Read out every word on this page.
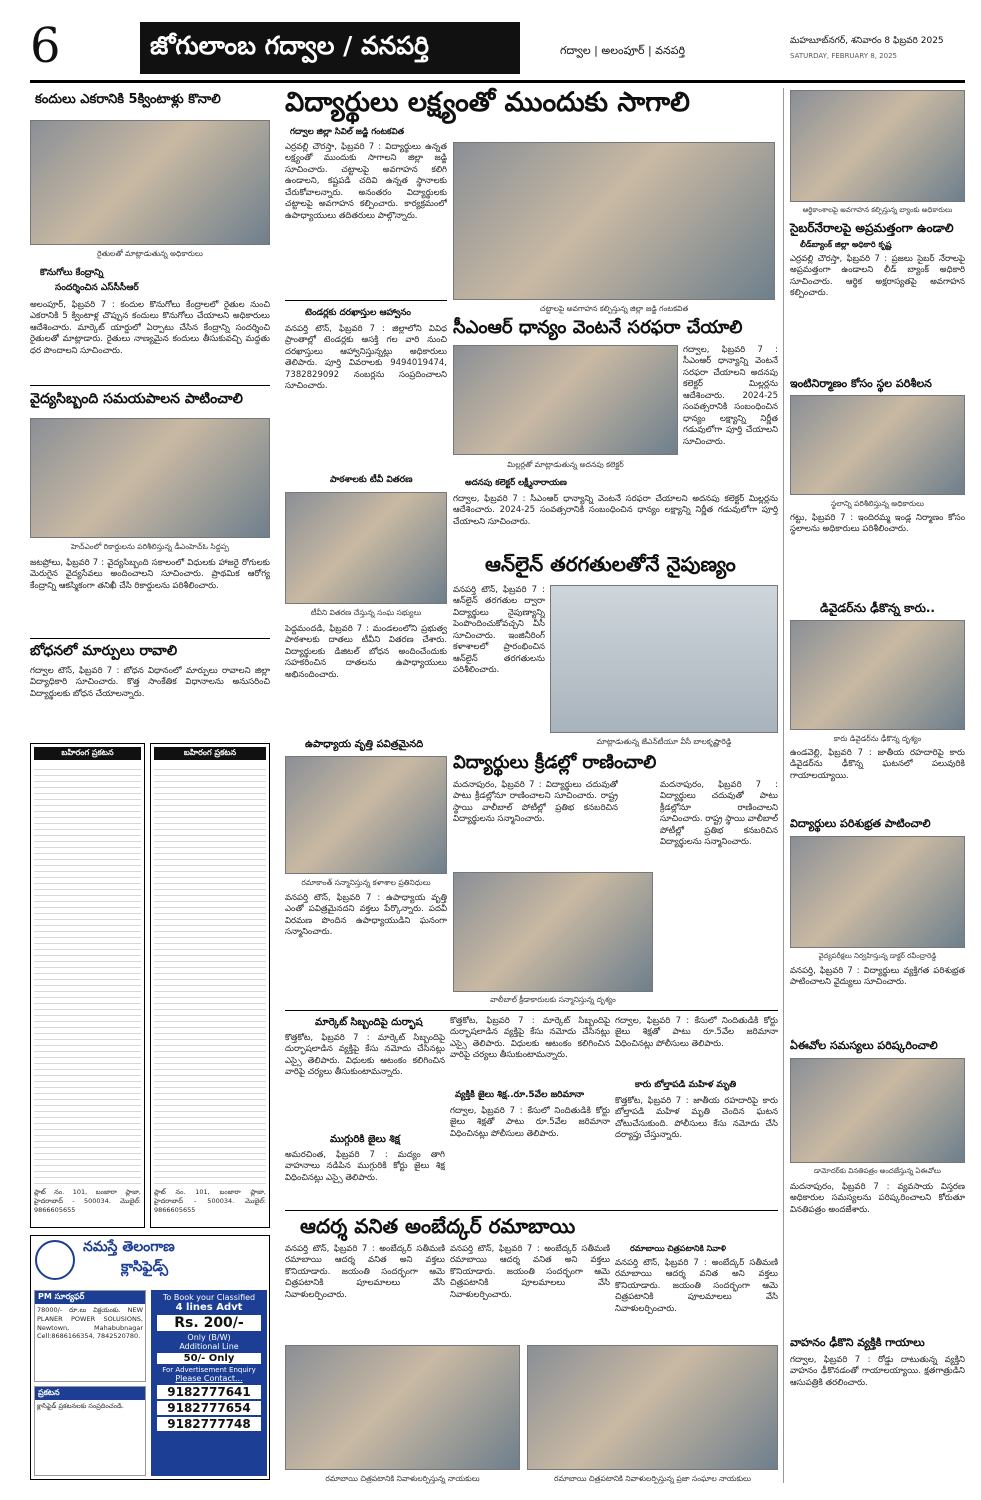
6	జోగులాంబ గద్వాల / వనపర్తి	గద్వాల | అలంపూర్ | వనపర్తి
మహబూబ్‌నగర్, శనివారం 8 ఫిబ్రవరి 2025
SATURDAY, FEBRUARY 8, 2025
కందులు ఎకరానికి 5క్వింటాళ్లు కొనాలి
రైతులతో మాట్లాడుతున్న అధికారులు
కొనుగోలు కేంద్రాన్ని
సందర్శించిన ఎస్‌సీసీఆర్
అలంపూర్, ఫిబ్రవరి 7 : కందుల కొనుగోలు కేంద్రాలలో రైతుల నుంచి ఎకరానికి 5 క్వింటాళ్ల చొప్పున కందులు కొనుగోలు చేయాలని అధికారులు ఆదేశించారు. మార్కెట్ యార్డులో ఏర్పాటు చేసిన కేంద్రాన్ని సందర్శించి రైతులతో మాట్లాడారు. రైతులు నాణ్యమైన కందులు తీసుకువచ్చి మద్దతు ధర పొందాలని సూచించారు.
వైద్యసిబ్బంది సమయపాలన పాటించాలి
హెచ్‌ఎంలో రికార్డులను పరిశీలిస్తున్న డీఎంహెచ్‌ఓ సిద్దప్ప
జటప్రోలు, ఫిబ్రవరి 7 : వైద్యసిబ్బంది సకాలంలో విధులకు హాజరై రోగులకు మెరుగైన వైద్యసేవలు అందించాలని సూచించారు. ప్రాథమిక ఆరోగ్య కేంద్రాన్ని ఆకస్మికంగా తనిఖీ చేసి రికార్డులను పరిశీలించారు.
బోధనలో మార్పులు రావాలి
గద్వాల టౌన్, ఫిబ్రవరి 7 : బోధన విధానంలో మార్పులు రావాలని జిల్లా విద్యాధికారి సూచించారు. కొత్త సాంకేతిక విధానాలను అనుసరించి విద్యార్థులకు బోధన చేయాలన్నారు.
బహిరంగ ప్రకటన
ప్లాట్ నం. 101, బంజారా ప్లాజా, హైదరాబాద్ - 500034. మొబైల్: 9866605655
బహిరంగ ప్రకటన
ప్లాట్ నం. 101, బంజారా ప్లాజా, హైదరాబాద్ - 500034. మొబైల్: 9866605655
నమస్తే తెలంగాణ
క్లాసిఫైడ్స్
PM సూర్యఫర్
78000/- రూ.లు విక్రయంకు. NEW PLANER POWER SOLUSIONS, Newtown, Mahabubnagar Cell:8686166354, 7842520780.
ప్రకటన
క్లాసిఫైడ్ ప్రకటనలకు సంప్రదించండి.
To Book your Classified
4 lines Advt
Rs. 200/-
Only (B/W)
Additional Line
50/- Only
For Advertisement Enquiry
Please Contact...
9182777641
9182777654
9182777748
విద్యార్థులు లక్ష్యంతో ముందుకు సాగాలి
గద్వాల జిల్లా సివిల్ జడ్జి గంటకవిత
ఎర్రవల్లి చౌరస్తా, ఫిబ్రవరి 7 : విద్యార్థులు ఉన్నత లక్ష్యంతో ముందుకు సాగాలని జిల్లా జడ్జి సూచించారు. చట్టాలపై అవగాహన కలిగి ఉండాలని, కష్టపడి చదివి ఉన్నత స్థానాలకు చేరుకోవాలన్నారు. అనంతరం విద్యార్థులకు చట్టాలపై అవగాహన కల్పించారు. కార్యక్రమంలో ఉపాధ్యాయులు తదితరులు పాల్గొన్నారు.
చట్టాలపై అవగాహన కల్పిస్తున్న జిల్లా జడ్జి గంటకవిత
టెండర్లకు దరఖాస్తుల ఆహ్వానం
వనపర్తి టౌన్, ఫిబ్రవరి 7 : జిల్లాలోని వివిధ ప్రాంతాల్లో టెండర్లకు ఆసక్తి గల వారి నుంచి దరఖాస్తులు ఆహ్వానిస్తున్నట్లు అధికారులు తెలిపారు. పూర్తి వివరాలకు 9494019474, 7382829092 నంబర్లను సంప్రదించాలని సూచించారు.
పాఠశాలకు టీవీ వితరణ
టీవీని వితరణ చేస్తున్న సంఘ సభ్యులు
సీఎంఆర్ ధాన్యం వెంటనే సరఫరా చేయాలి
మిల్లర్లతో మాట్లాడుతున్న అదనపు కలెక్టర్
గద్వాల, ఫిబ్రవరి 7 : సీఎంఆర్ ధాన్యాన్ని వెంటనే సరఫరా చేయాలని అదనపు కలెక్టర్ మిల్లర్లను ఆదేశించారు. 2024-25 సంవత్సరానికి సంబంధించిన ధాన్యం లక్ష్యాన్ని నిర్ణీత గడువులోగా పూర్తి చేయాలని సూచించారు.
అదనపు కలెక్టర్ లక్ష్మీనారాయణ
గద్వాల, ఫిబ్రవరి 7 : సీఎంఆర్ ధాన్యాన్ని వెంటనే సరఫరా చేయాలని అదనపు కలెక్టర్ మిల్లర్లను ఆదేశించారు. 2024-25 సంవత్సరానికి సంబంధించిన ధాన్యం లక్ష్యాన్ని నిర్ణీత గడువులోగా పూర్తి చేయాలని సూచించారు.
ఆన్‌లైన్ తరగతులతోనే నైపుణ్యం
వనపర్తి టౌన్, ఫిబ్రవరి 7 : ఆన్‌లైన్ తరగతుల ద్వారా విద్యార్థులు నైపుణ్యాన్ని పెంపొందించుకోవచ్చని వీసీ సూచించారు. ఇంజినీరింగ్ కళాశాలలో ప్రారంభించిన ఆన్‌లైన్ తరగతులను పరిశీలించారు.
మాట్లాడుతున్న జేఎన్‌టీయూ వీసీ బాలకృష్ణారెడ్డి
పెద్దమందడి, ఫిబ్రవరి 7 : మండలంలోని ప్రభుత్వ పాఠశాలకు దాతలు టీవీని వితరణ చేశారు. విద్యార్థులకు డిజిటల్ బోధన అందించేందుకు సహకరించిన దాతలను ఉపాధ్యాయులు అభినందించారు.
ఉపాధ్యాయ వృత్తి పవిత్రమైనది
రమాకాంత్ సన్మానిస్తున్న కళాశాల ప్రతినిధులు
వనపర్తి టౌన్, ఫిబ్రవరి 7 : ఉపాధ్యాయ వృత్తి ఎంతో పవిత్రమైనదని వక్తలు పేర్కొన్నారు. పదవీ విరమణ పొందిన ఉపాధ్యాయుడిని ఘనంగా సన్మానించారు.
విద్యార్థులు క్రీడల్లో రాణించాలి
మదనాపురం, ఫిబ్రవరి 7 : విద్యార్థులు చదువుతో పాటు క్రీడల్లోనూ రాణించాలని సూచించారు. రాష్ట్ర స్థాయి వాలీబాల్ పోటీల్లో ప్రతిభ కనబరిచిన విద్యార్థులను సన్మానించారు.
వాలీబాల్ క్రీడాకారులకు సన్మానిస్తున్న దృశ్యం
మదనాపురం, ఫిబ్రవరి 7 : విద్యార్థులు చదువుతో పాటు క్రీడల్లోనూ రాణించాలని సూచించారు. రాష్ట్ర స్థాయి వాలీబాల్ పోటీల్లో ప్రతిభ కనబరిచిన విద్యార్థులను సన్మానించారు.
మార్కెట్ సిబ్బందిపై దుర్భాష
కొత్తకోట, ఫిబ్రవరి 7 : మార్కెట్ సిబ్బందిపై దుర్భాషలాడిన వ్యక్తిపై కేసు నమోదు చేసినట్లు ఎస్సై తెలిపారు. విధులకు ఆటంకం కలిగించిన వారిపై చర్యలు తీసుకుంటామన్నారు.
ముగ్గురికి జైలు శిక్ష
అమరచింత, ఫిబ్రవరి 7 : మద్యం తాగి వాహనాలు నడిపిన ముగ్గురికి కోర్టు జైలు శిక్ష విధించినట్లు ఎస్సై తెలిపారు.
కొత్తకోట, ఫిబ్రవరి 7 : మార్కెట్ సిబ్బందిపై దుర్భాషలాడిన వ్యక్తిపై కేసు నమోదు చేసినట్లు ఎస్సై తెలిపారు. విధులకు ఆటంకం కలిగించిన వారిపై చర్యలు తీసుకుంటామన్నారు.
వ్యక్తికి జైలు శిక్ష..రూ.5వేల జరిమానా
గద్వాల, ఫిబ్రవరి 7 : కేసులో నిందితుడికి కోర్టు జైలు శిక్షతో పాటు రూ.5వేల జరిమానా విధించినట్లు పోలీసులు తెలిపారు.
గద్వాల, ఫిబ్రవరి 7 : కేసులో నిందితుడికి కోర్టు జైలు శిక్షతో పాటు రూ.5వేల జరిమానా విధించినట్లు పోలీసులు తెలిపారు.
కారు బోల్తాపడి మహిళ మృతి
కొత్తకోట, ఫిబ్రవరి 7 : జాతీయ రహదారిపై కారు బోల్తాపడి మహిళ మృతి చెందిన ఘటన చోటుచేసుకుంది. పోలీసులు కేసు నమోదు చేసి దర్యాప్తు చేస్తున్నారు.
ఆదర్శ వనిత అంబేద్కర్ రమాబాయి
వనపర్తి టౌన్, ఫిబ్రవరి 7 : అంబేద్కర్ సతీమణి రమాబాయి ఆదర్శ వనిత అని వక్తలు కొనియాడారు. జయంతి సందర్భంగా ఆమె చిత్రపటానికి పూలమాలలు వేసి నివాళులర్పించారు.
వనపర్తి టౌన్, ఫిబ్రవరి 7 : అంబేద్కర్ సతీమణి రమాబాయి ఆదర్శ వనిత అని వక్తలు కొనియాడారు. జయంతి సందర్భంగా ఆమె చిత్రపటానికి పూలమాలలు వేసి నివాళులర్పించారు.
రమాబాయి చిత్రపటానికి నివాళి
వనపర్తి టౌన్, ఫిబ్రవరి 7 : అంబేద్కర్ సతీమణి రమాబాయి ఆదర్శ వనిత అని వక్తలు కొనియాడారు. జయంతి సందర్భంగా ఆమె చిత్రపటానికి పూలమాలలు వేసి నివాళులర్పించారు.
రమాబాయి చిత్రపటానికి నివాళులర్పిస్తున్న నాయకులు	రమాబాయి చిత్రపటానికి నివాళులర్పిస్తున్న ప్రజా సంఘాల నాయకులు
ఆర్థికాంశాలపై అవగాహన కల్పిస్తున్న బ్యాంకు అధికారులు
సైబర్‌నేరాలపై అప్రమత్తంగా ఉండాలి
లీడ్‌బ్యాంక్ జిల్లా అధికారి కృష్ణ
ఎర్రవల్లి చౌరస్తా, ఫిబ్రవరి 7 : ప్రజలు సైబర్ నేరాలపై అప్రమత్తంగా ఉండాలని లీడ్ బ్యాంక్ అధికారి సూచించారు. ఆర్థిక అక్షరాస్యతపై అవగాహన కల్పించారు.
ఇంటినిర్మాణం కోసం స్థల పరిశీలన
స్థలాన్ని పరిశీలిస్తున్న అధికారులు
గట్టు, ఫిబ్రవరి 7 : ఇందిరమ్మ ఇండ్ల నిర్మాణం కోసం స్థలాలను అధికారులు పరిశీలించారు.
డివైడర్‌ను ఢీకొన్న కారు..
కారు డివైడర్‌ను ఢీకొన్న దృశ్యం
ఉండవెల్లి, ఫిబ్రవరి 7 : జాతీయ రహదారిపై కారు డివైడర్‌ను ఢీకొన్న ఘటనలో పలువురికి గాయాలయ్యాయి.
విద్యార్థులు పరిశుభ్రత పాటించాలి
వైద్యపరీక్షలు నిర్వహిస్తున్న డాక్టర్ రవీంద్రారెడ్డి
వనపర్తి, ఫిబ్రవరి 7 : విద్యార్థులు వ్యక్తిగత పరిశుభ్రత పాటించాలని వైద్యులు సూచించారు.
ఏఈవోల సమస్యలు పరిష్కరించాలి
డామోదర్‌కు వినతిపత్రం అందజేస్తున్న ఏఈవోలు
మదనాపురం, ఫిబ్రవరి 7 : వ్యవసాయ విస్తరణ అధికారుల సమస్యలను పరిష్కరించాలని కోరుతూ వినతిపత్రం అందజేశారు.
వాహనం ఢీకొని వ్యక్తికి గాయాలు
గద్వాల, ఫిబ్రవరి 7 : రోడ్డు దాటుతున్న వ్యక్తిని వాహనం ఢీకొనడంతో గాయాలయ్యాయి. క్షతగాత్రుడిని ఆసుపత్రికి తరలించారు.
